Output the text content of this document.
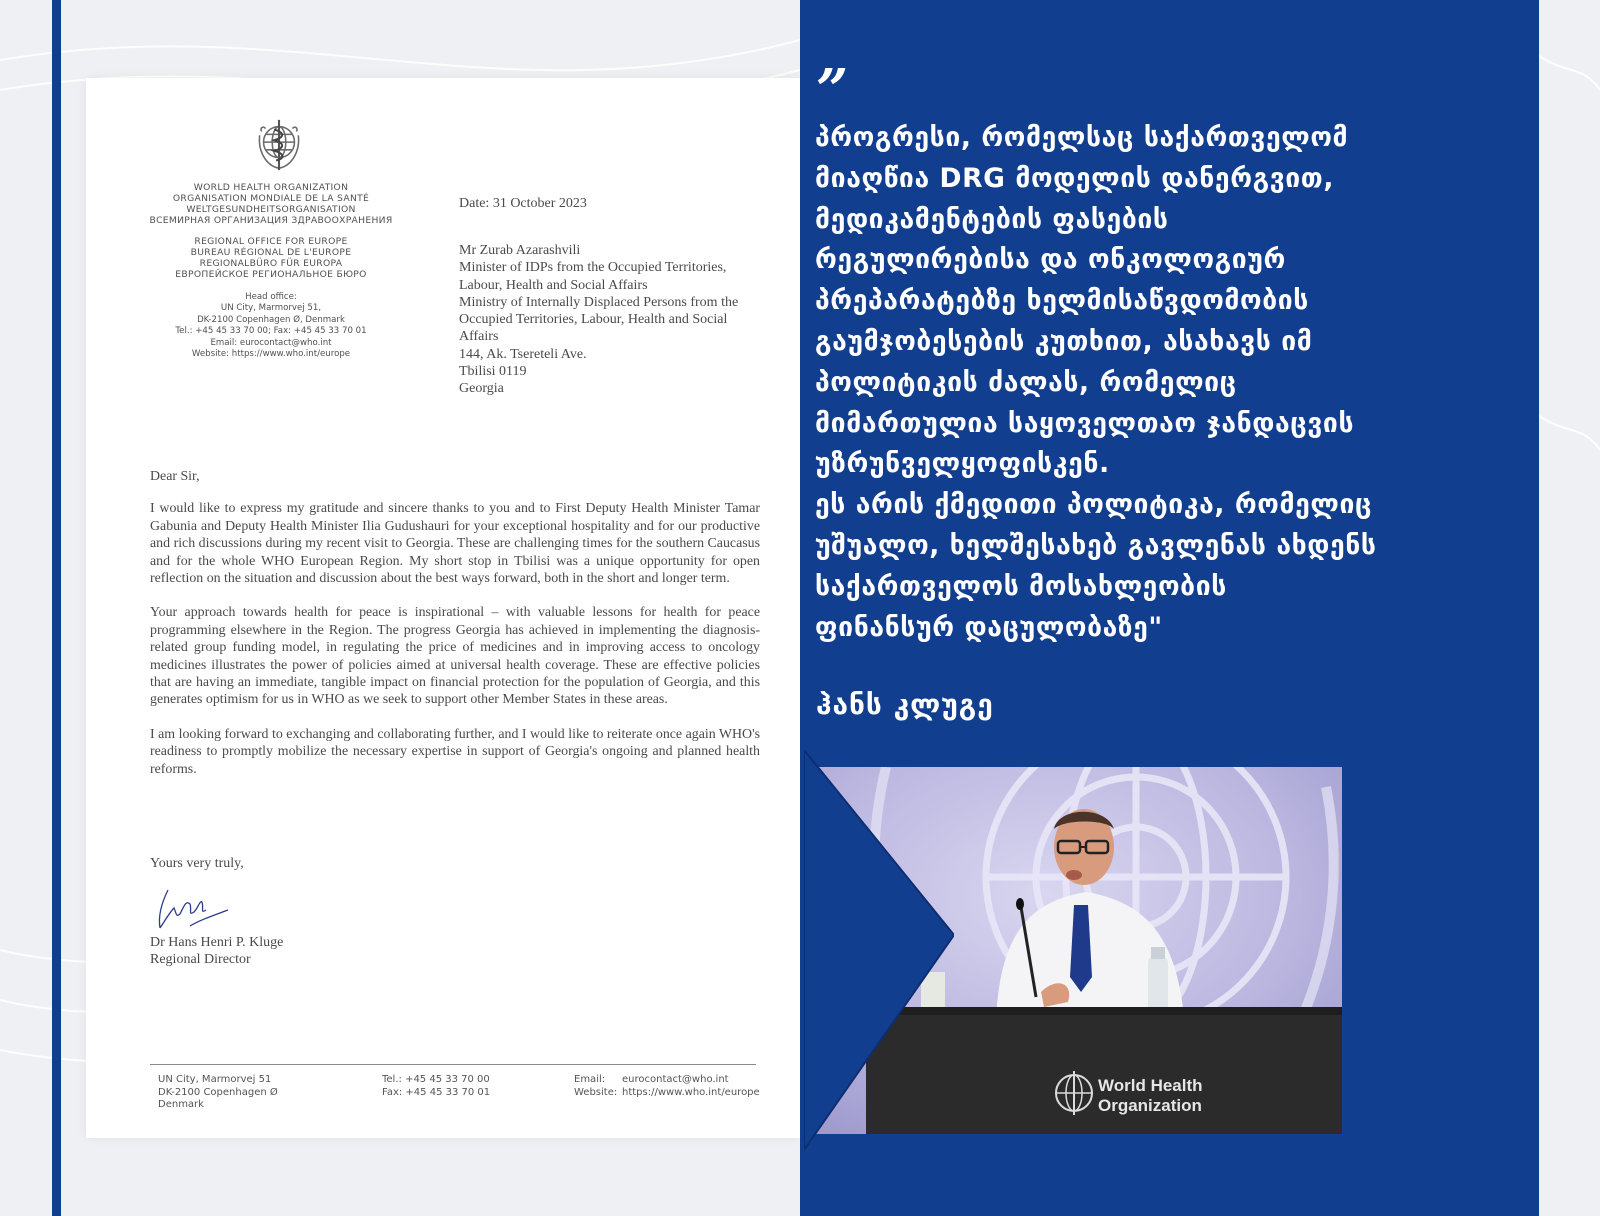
WORLD HEALTH ORGANIZATION
ORGANISATION MONDIALE DE LA SANTÉ
WELTGESUNDHEITSORGANISATION
ВСЕМИРНАЯ ОРГАНИЗАЦИЯ ЗДРАВООХРАНЕНИЯ
REGIONAL OFFICE FOR EUROPE
BUREAU RÉGIONAL DE L'EUROPE
REGIONALBÜRO FÜR EUROPA
ЕВРОПЕЙСКОЕ РЕГИОНАЛЬНОЕ БЮРО
Head office:
UN City, Marmorvej 51,
DK-2100 Copenhagen Ø, Denmark
Tel.: +45 45 33 70 00; Fax: +45 45 33 70 01
Email: eurocontact@who.int
Website: https://www.who.int/europe
Date: 31 October 2023
Mr Zurab Azarashvili
Minister of IDPs from the Occupied Territories,
Labour, Health and Social Affairs
Ministry of Internally Displaced Persons from the
Occupied Territories, Labour, Health and Social
Affairs
144, Ak. Tsereteli Ave.
Tbilisi 0119
Georgia

Dear Sir,

I would like to express my gratitude and sincere thanks to you and to First Deputy Health Minister Tamar Gabunia and Deputy Health Minister Ilia Gudushauri for your exceptional hospitality and for our productive and rich discussions during my recent visit to Georgia. These are challenging times for the southern Caucasus and for the whole WHO European Region. My short stop in Tbilisi was a unique opportunity for open reflection on the situation and discussion about the best ways forward, both in the short and longer term.

Your approach towards health for peace is inspirational – with valuable lessons for health for peace programming elsewhere in the Region. The progress Georgia has achieved in implementing the diagnosis-related group funding model, in regulating the price of medicines and in improving access to oncology medicines illustrates the power of policies aimed at universal health coverage. These are effective policies that are having an immediate, tangible impact on financial protection for the population of Georgia, and this generates optimism for us in WHO as we seek to support other Member States in these areas.

I am looking forward to exchanging and collaborating further, and I would like to reiterate once again WHO's readiness to promptly mobilize the necessary expertise in support of Georgia's ongoing and planned health reforms.

Yours very truly,
Dr Hans Henri P. Kluge
Regional Director
UN City, Marmorvej 51
DK-2100 Copenhagen Ø
Denmark
Tel.: +45 45 33 70 00
Fax: +45 45 33 70 01
Email: eurocontact@who.int
Website: https://www.who.int/europe
”
პროგრესი, რომელსაც საქართველომ
მიაღწია DRG მოდელის დანერგვით,
მედიკამენტების ფასების
რეგულირებისა და ონკოლოგიურ
პრეპარატებზე ხელმისაწვდომობის
გაუმჯობესების კუთხით, ასახავს იმ
პოლიტიკის ძალას, რომელიც
მიმართულია საყოველთაო ჯანდაცვის
უზრუნველყოფისკენ.
ეს არის ქმედითი პოლიტიკა, რომელიც
უშუალო, ხელშესახებ გავლენას ახდენს
საქართველოს მოსახლეობის
ფინანსურ დაცულობაზე"
ჰანს კლუგე
World Health
Organization
